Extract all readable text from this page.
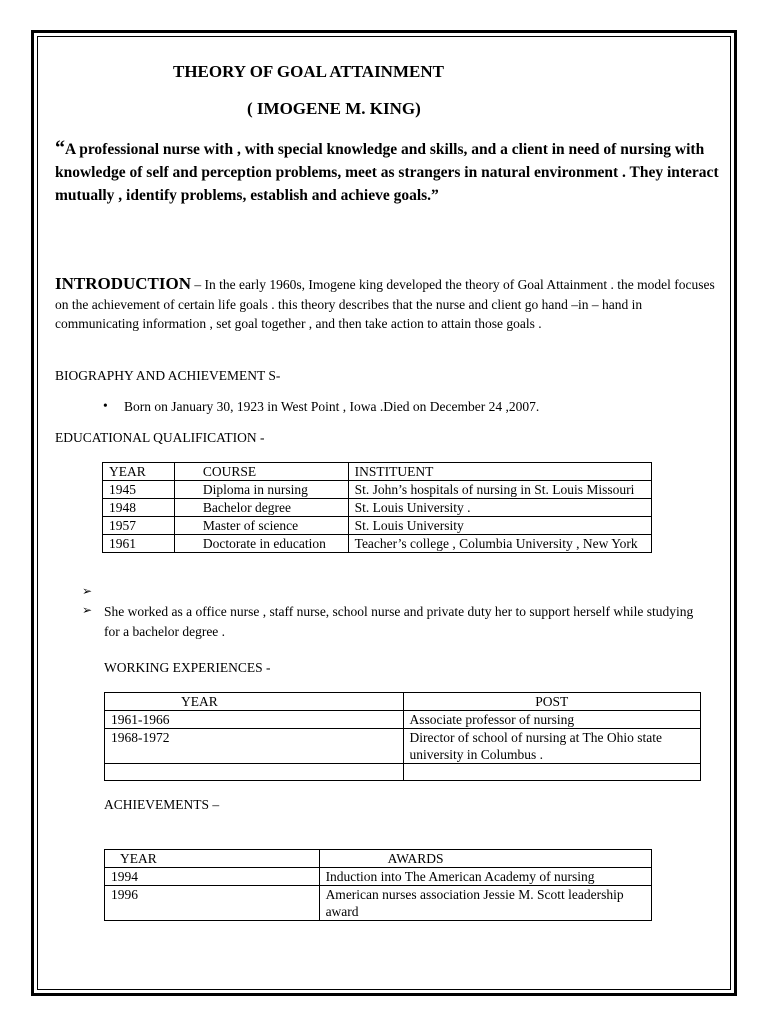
THEORY OF GOAL ATTAINMENT
( IMOGENE M. KING)
“A professional nurse with , with special knowledge and skills, and a client in need of nursing with knowledge of self and perception problems, meet as strangers in natural environment . They interact mutually , identify problems, establish and achieve goals.”
INTRODUCTION – In the early 1960s, Imogene king developed the theory of Goal Attainment . the model focuses on the achievement of certain life goals . this theory describes that the nurse and client go hand –in – hand in communicating information , set goal together , and then take action to attain those goals .
BIOGRAPHY AND ACHIEVEMENT S-
• Born on January 30, 1923 in West Point , Iowa .Died on December 24 ,2007.
EDUCATIONAL QUALIFICATION -
YEAR	COURSE	INSTITUENT
1945	Diploma in nursing	St. John’s hospitals of nursing in St. Louis Missouri
1948	Bachelor degree	St. Louis University .
1957	Master of science	St. Louis University
1961	Doctorate in education	Teacher’s college , Columbia University , New York
➢
➢ She worked as a office nurse , staff nurse, school nurse and private duty her to support herself while studying for a bachelor degree .
WORKING EXPERIENCES -
YEAR	POST
1961-1966	Associate professor of nursing
1968-1972	Director of school of nursing at The Ohio state university in Columbus .

ACHIEVEMENTS –
YEAR	AWARDS
1994	Induction into The American Academy of nursing
1996	American nurses association Jessie M. Scott leadership award
